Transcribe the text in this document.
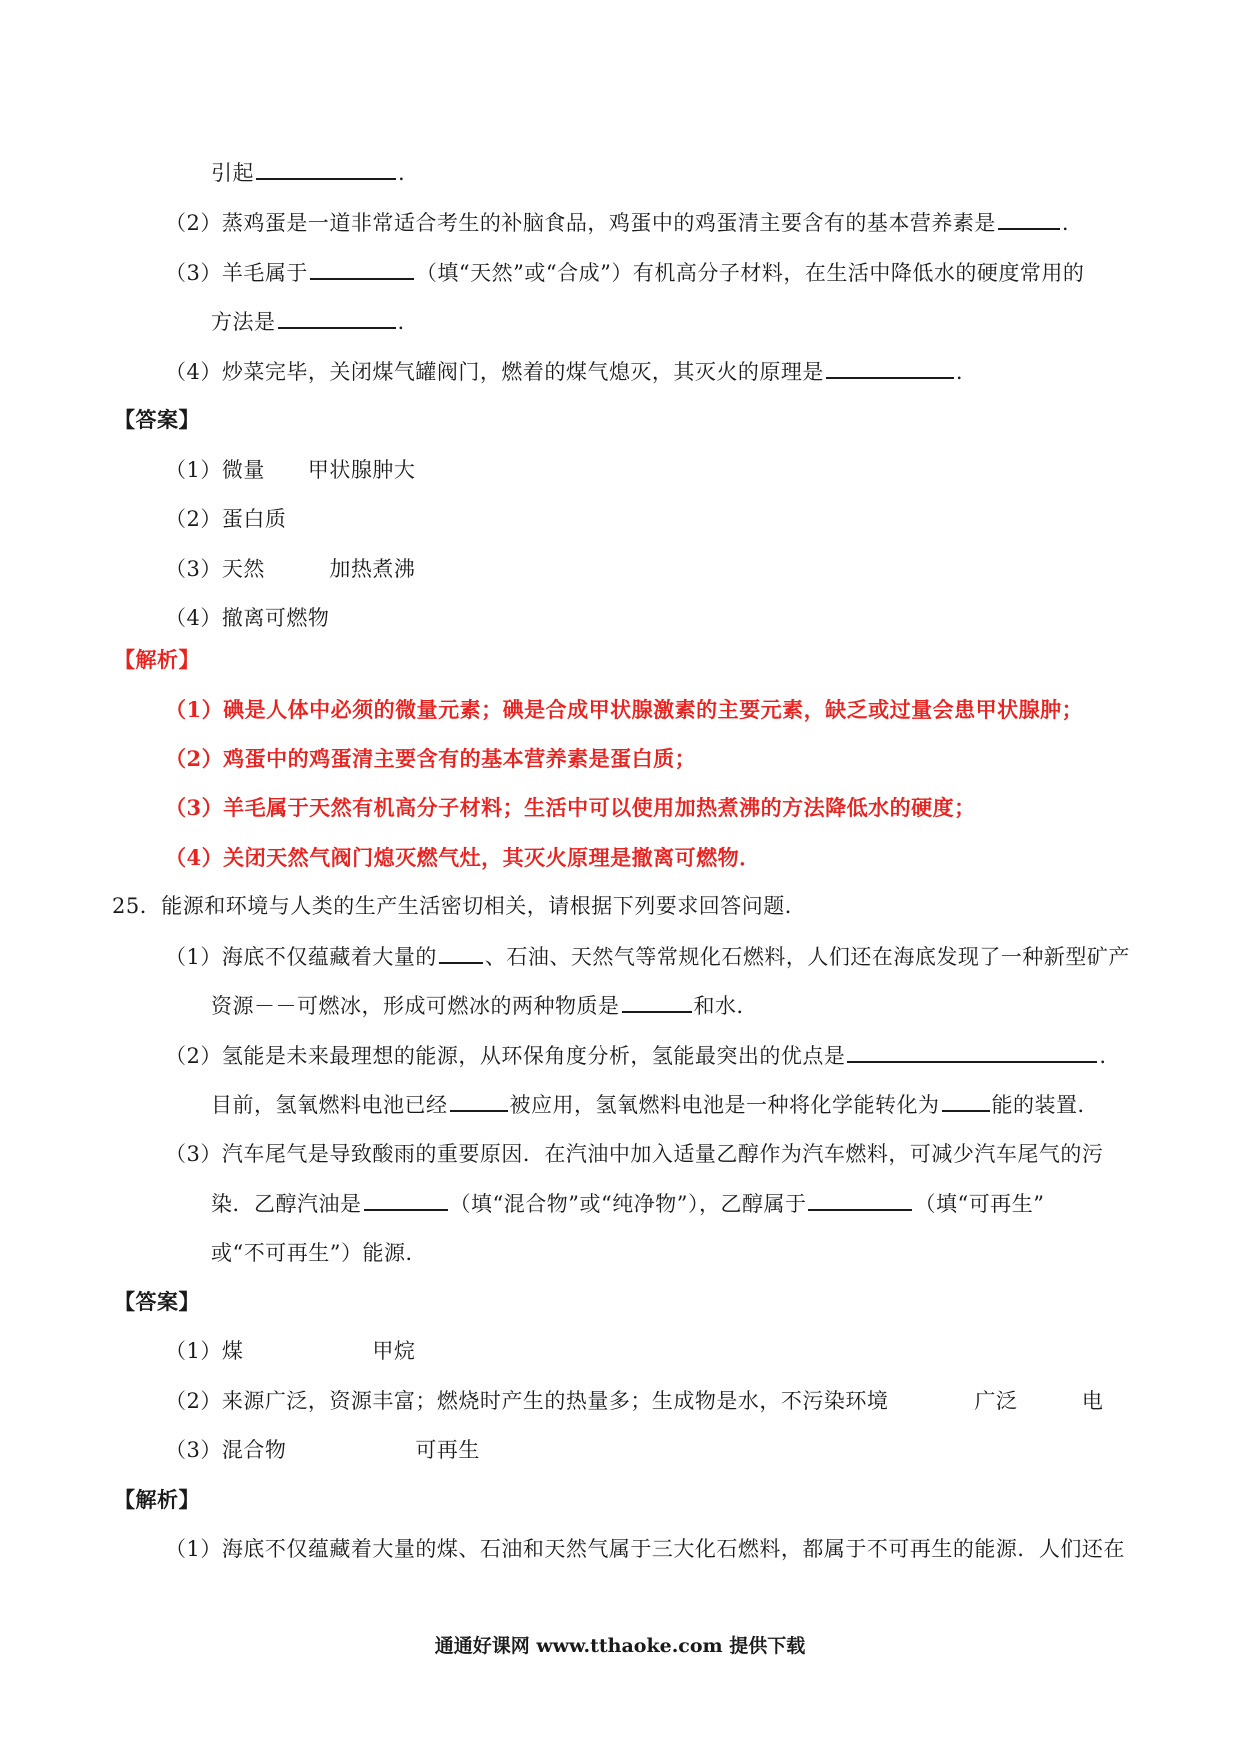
引起	.
（2）蒸鸡蛋是一道非常适合考生的补脑食品，鸡蛋中的鸡蛋清主要含有的基本营养素是	.
（3）羊毛属于	（填“天然”或“合成”）有机高分子材料，在生活中降低水的硬度常用的
方法是	.
（4）炒菜完毕，关闭煤气罐阀门，燃着的煤气熄灭，其灭火的原理是	.
【答案】
（1）微量　　甲状腺肿大
（2）蛋白质
（3）天然　　　加热煮沸
（4）撤离可燃物
【解析】
（1）碘是人体中必须的微量元素；碘是合成甲状腺激素的主要元素，缺乏或过量会患甲状腺肿；
（2）鸡蛋中的鸡蛋清主要含有的基本营养素是蛋白质；
（3）羊毛属于天然有机高分子材料；生活中可以使用加热煮沸的方法降低水的硬度；
（4）关闭天然气阀门熄灭燃气灶，其灭火原理是撤离可燃物．
25．能源和环境与人类的生产生活密切相关，请根据下列要求回答问题．
（1）海底不仅蕴藏着大量的 、石油、天然气等常规化石燃料，人们还在海底发现了一种新型矿产
资源－－可燃冰，形成可燃冰的两种物质是	和水．
（2）氢能是未来最理想的能源，从环保角度分析，氢能最突出的优点是	.
目前，氢氧燃料电池已经	被应用，氢氧燃料电池是一种将化学能转化为 能的装置．
（3）汽车尾气是导致酸雨的重要原因．在汽油中加入适量乙醇作为汽车燃料，可减少汽车尾气的污
染．乙醇汽油是	（填“混合物”或“纯净物”），乙醇属于	（填“可再生”
或“不可再生”）能源．
【答案】
（1）煤　　　　　　甲烷
（2）来源广泛，资源丰富；燃烧时产生的热量多；生成物是水，不污染环境　　　　广泛　　　电
（3）混合物　　　　　　可再生
【解析】
（1）海底不仅蕴藏着大量的煤、石油和天然气属于三大化石燃料，都属于不可再生的能源．人们还在
通通好课网 www.tthaoke.com 提供下载
